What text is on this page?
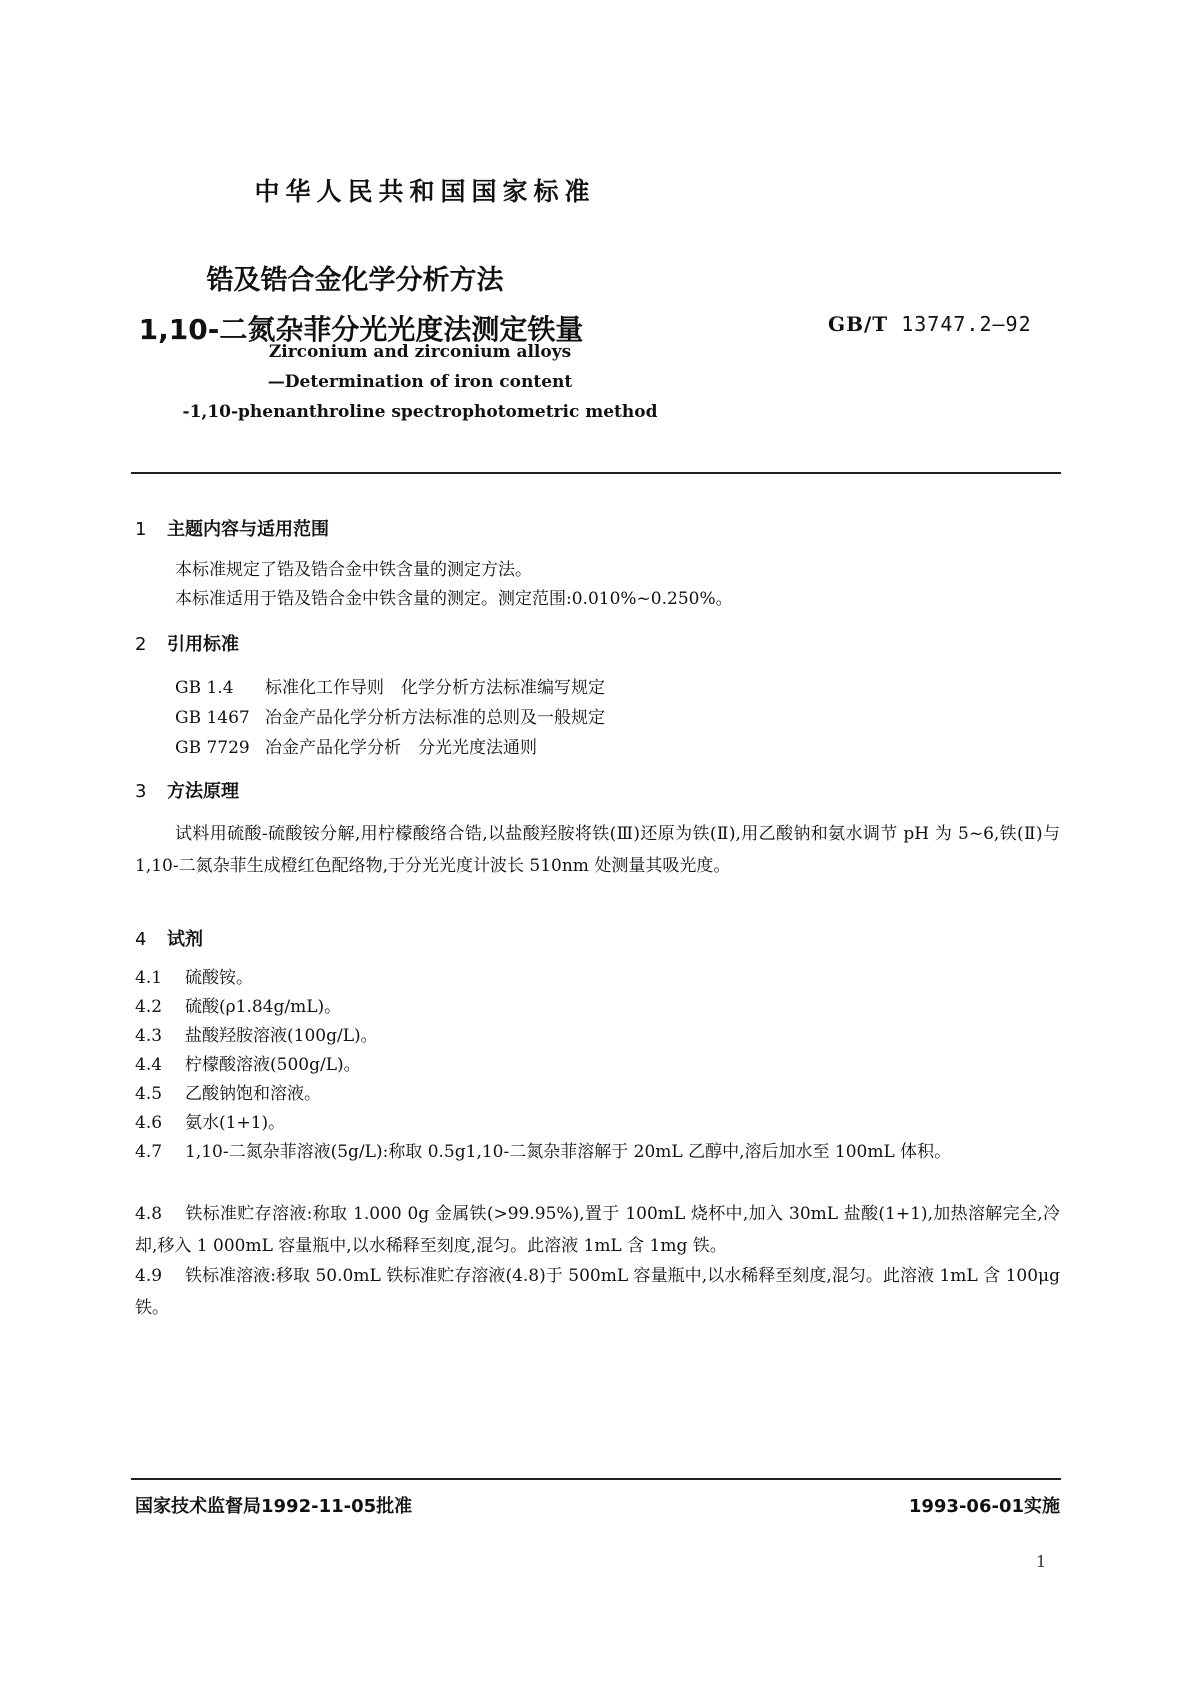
中华人民共和国国家标准
锆及锆合金化学分析方法
1,10-二氮杂菲分光光度法测定铁量	GB/T 13747.2—92
Zirconium and zirconium alloys
—Determination of iron content
-1,10-phenanthroline spectrophotometric method
1 主题内容与适用范围
本标准规定了锆及锆合金中铁含量的测定方法。
本标准适用于锆及锆合金中铁含量的测定。测定范围:0.010%~0.250%。
2 引用标准
GB 1.4 标准化工作导则　化学分析方法标准编写规定
GB 1467 冶金产品化学分析方法标准的总则及一般规定
GB 7729 冶金产品化学分析　分光光度法通则
3 方法原理
试料用硫酸-硫酸铵分解,用柠檬酸络合锆,以盐酸羟胺将铁(Ⅲ)还原为铁(Ⅱ),用乙酸钠和氨水调节 pH 为 5~6,铁(Ⅱ)与 1,10-二氮杂菲生成橙红色配络物,于分光光度计波长 510nm 处测量其吸光度。
4 试剂
4.1 硫酸铵。
4.2 硫酸(ρ1.84g/mL)。
4.3 盐酸羟胺溶液(100g/L)。
4.4 柠檬酸溶液(500g/L)。
4.5 乙酸钠饱和溶液。
4.6 氨水(1+1)。
4.7 1,10-二氮杂菲溶液(5g/L):称取 0.5g1,10-二氮杂菲溶解于 20mL 乙醇中,溶后加水至 100mL 体积。
4.8 铁标准贮存溶液:称取 1.000 0g 金属铁(>99.95%),置于 100mL 烧杯中,加入 30mL 盐酸(1+1),加热溶解完全,冷却,移入 1 000mL 容量瓶中,以水稀释至刻度,混匀。此溶液 1mL 含 1mg 铁。
4.9 铁标准溶液:移取 50.0mL 铁标准贮存溶液(4.8)于 500mL 容量瓶中,以水稀释至刻度,混匀。此溶液 1mL 含 100μg 铁。
国家技术监督局1992-11-05批准	1993-06-01实施
1
